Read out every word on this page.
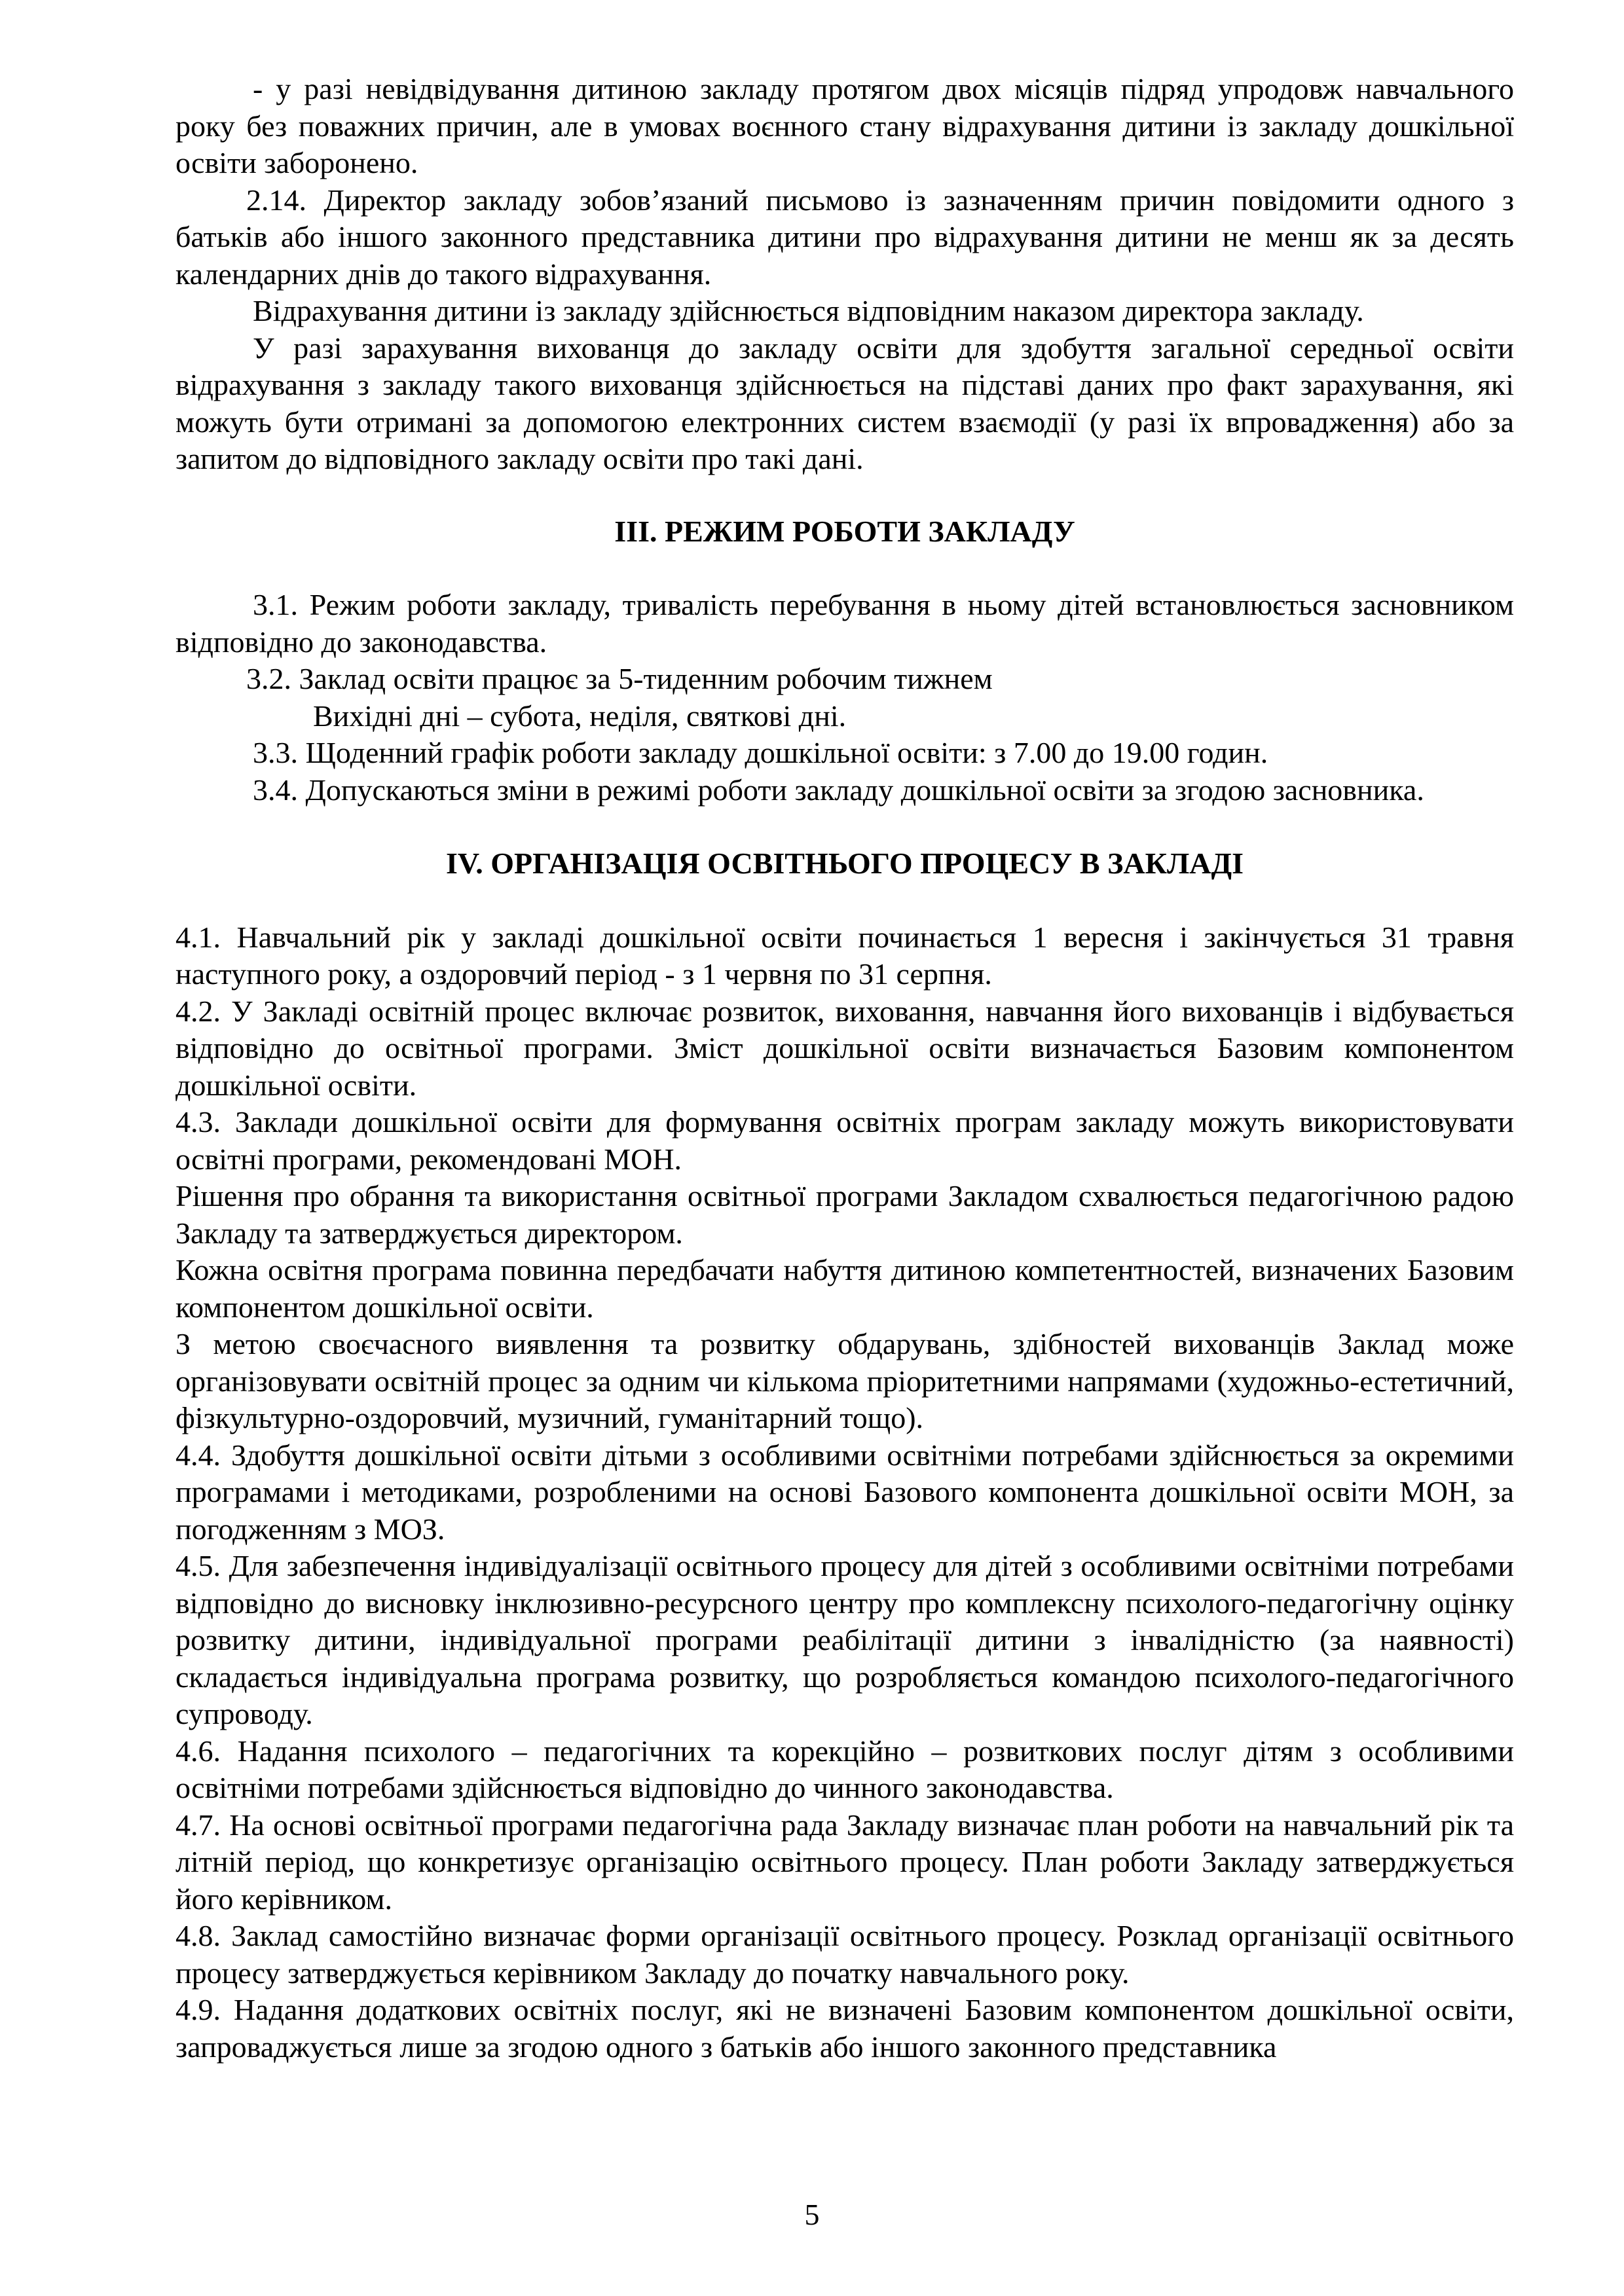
- у разі невідвідування дитиною закладу протягом двох місяців підряд упродовж навчального року без поважних причин, але в умовах воєнного стану відрахування дитини із закладу дошкільної освіти заборонено.

2.14. Директор закладу зобов’язаний письмово із зазначенням причин повідомити одного з батьків або іншого законного представника дитини про відрахування дитини не менш як за десять календарних днів до такого відрахування.

Відрахування дитини із закладу здійснюється відповідним наказом директора закладу.

У разі зарахування вихованця до закладу освіти для здобуття загальної середньої освіти відрахування з закладу такого вихованця здійснюється на підставі даних про факт зарахування, які можуть бути отримані за допомогою електронних систем взаємодії (у разі їх впровадження) або за запитом до відповідного закладу освіти про такі дані.

ІІІ. РЕЖИМ РОБОТИ ЗАКЛАДУ

3.1. Режим роботи закладу, тривалість перебування в ньому дітей встановлюється засновником відповідно до законодавства.

3.2. Заклад освіти працює за 5-тиденним робочим тижнем

Вихідні дні – субота, неділя, святкові дні.

3.3. Щоденний графік роботи закладу дошкільної освіти: з 7.00 до 19.00 годин.

3.4. Допускаються зміни в режимі роботи закладу дошкільної освіти за згодою засновника.

IV. ОРГАНІЗАЦІЯ ОСВІТНЬОГО ПРОЦЕСУ В ЗАКЛАДІ

4.1. Навчальний рік у закладі дошкільної освіти починається 1 вересня і закінчується 31 травня наступного року, а оздоровчий період - з 1 червня по 31 серпня.

4.2. У Закладі освітній процес включає розвиток, виховання, навчання його вихованців і відбувається відповідно до освітньої програми. Зміст дошкільної освіти визначається Базовим компонентом дошкільної освіти.

4.3. Заклади дошкільної освіти для формування освітніх програм закладу можуть використовувати освітні програми, рекомендовані МОН.

Рішення про обрання та використання освітньої програми Закладом схвалюється педагогічною радою Закладу та затверджується директором.

Кожна освітня програма повинна передбачати набуття дитиною компетентностей, визначених Базовим компонентом дошкільної освіти.

З метою своєчасного виявлення та розвитку обдарувань, здібностей вихованців Заклад може організовувати освітній процес за одним чи кількома пріоритетними напрямами (художньо-естетичний, фізкультурно-оздоровчий, музичний, гуманітарний тощо).

4.4. Здобуття дошкільної освіти дітьми з особливими освітніми потребами здійснюється за окремими програмами і методиками, розробленими на основі Базового компонента дошкільної освіти МОН, за погодженням з МОЗ.

4.5. Для забезпечення індивідуалізації освітнього процесу для дітей з особливими освітніми потребами відповідно до висновку інклюзивно-ресурсного центру про комплексну психолого-педагогічну оцінку розвитку дитини, індивідуальної програми реабілітації дитини з інвалідністю (за наявності) складається індивідуальна програма розвитку, що розробляється командою психолого-педагогічного супроводу.

4.6. Надання психолого – педагогічних та корекційно – розвиткових послуг дітям з особливими освітніми потребами здійснюється відповідно до чинного законодавства.

4.7. На основі освітньої програми педагогічна рада Закладу визначає план роботи на навчальний рік та літній період, що конкретизує організацію освітнього процесу. План роботи Закладу затверджується його керівником.

4.8. Заклад самостійно визначає форми організації освітнього процесу. Розклад організації освітнього процесу затверджується керівником Закладу до початку навчального року.

4.9. Надання додаткових освітніх послуг, які не визначені Базовим компонентом дошкільної освіти, запроваджується лише за згодою одного з батьків або іншого законного представника

5
